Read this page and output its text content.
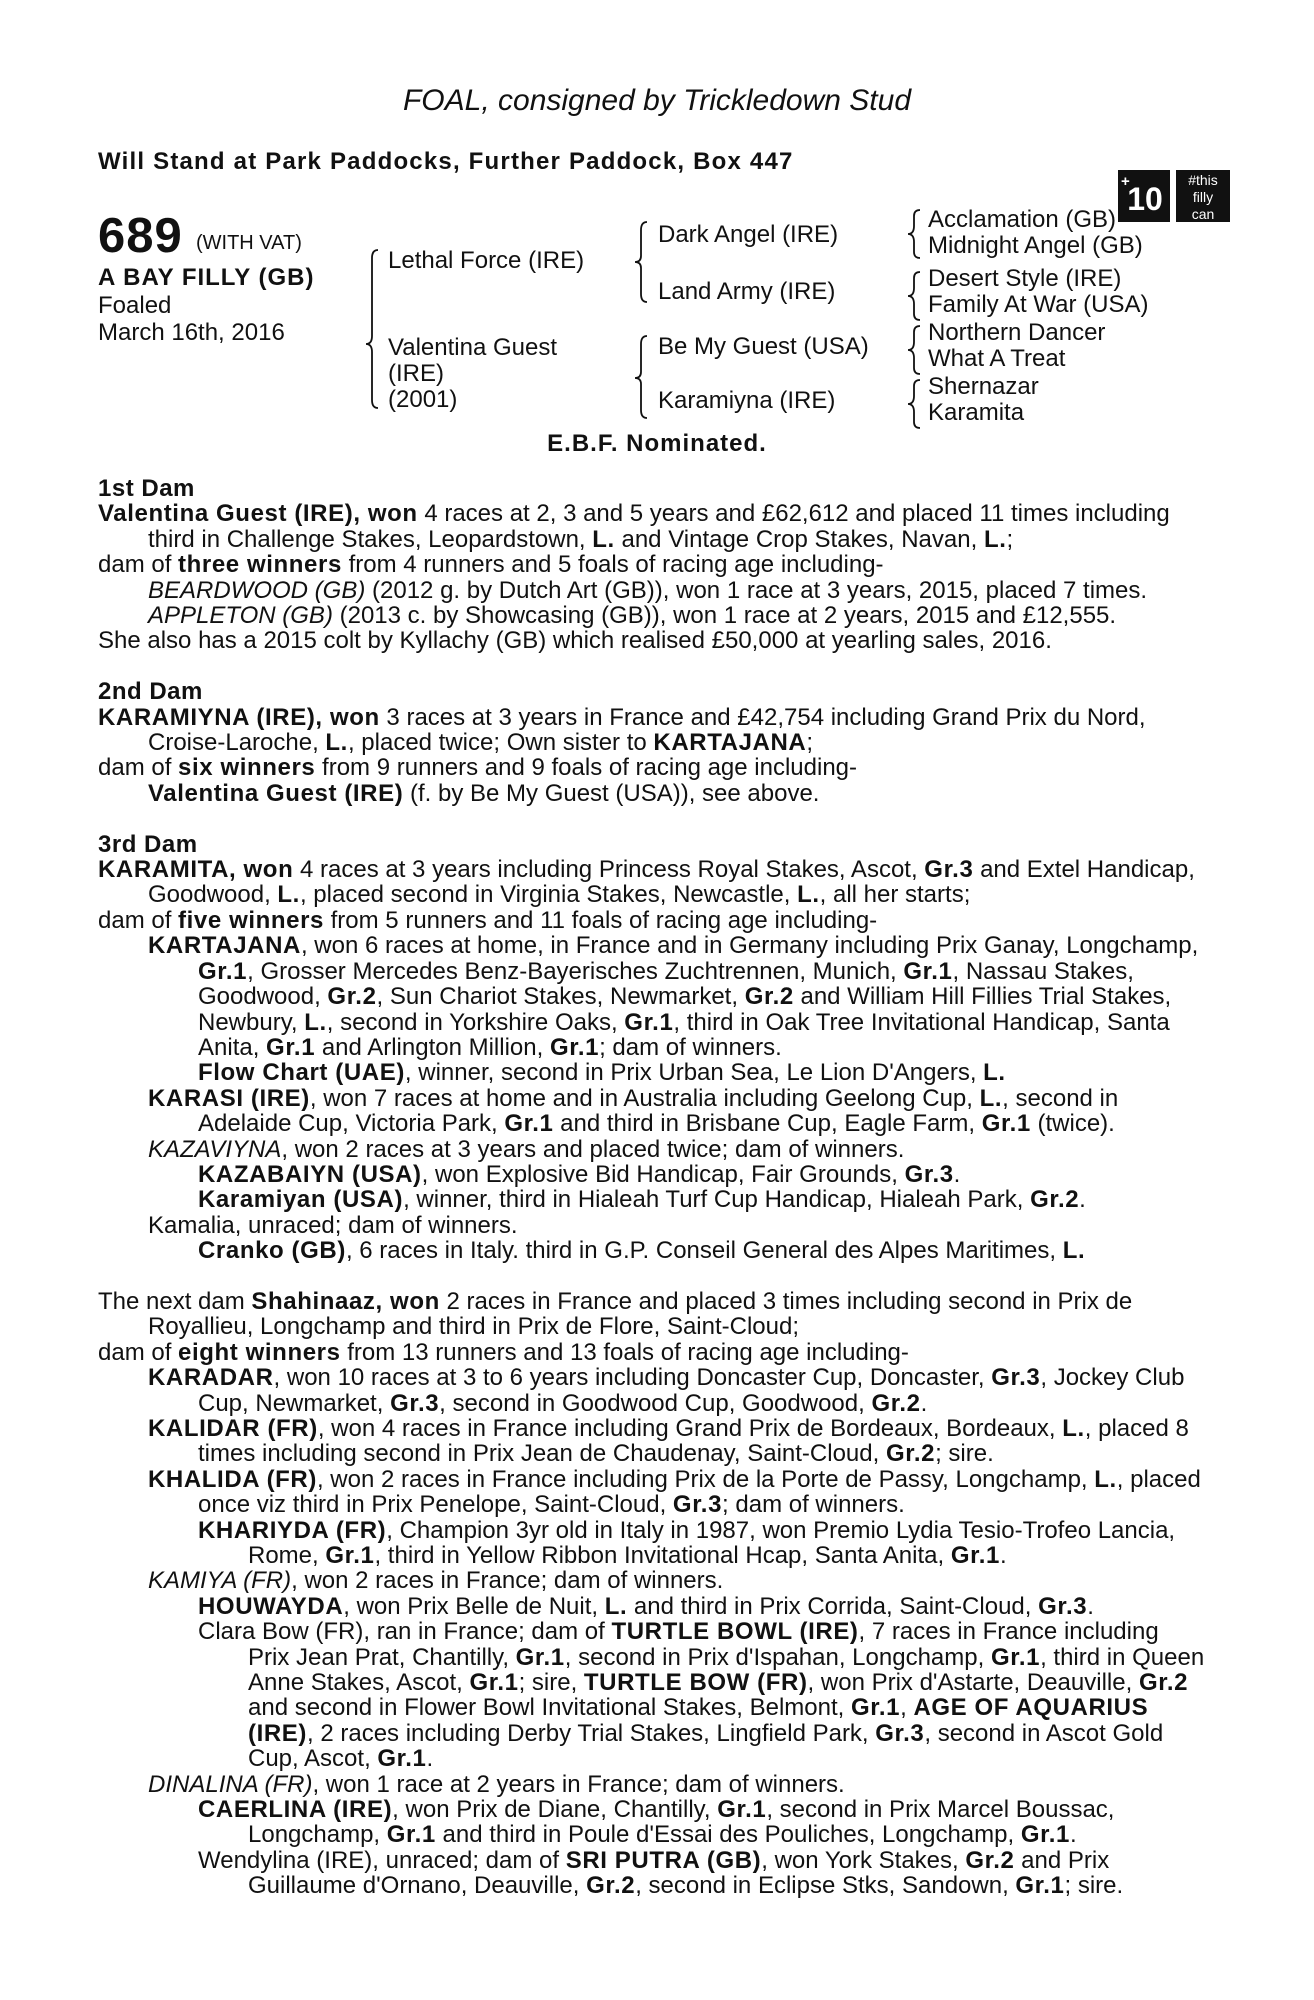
FOAL, consigned by Trickledown Stud
Will Stand at Park Paddocks, Further Paddock, Box 447
+
10
#this
filly
can
689 (WITH VAT)
A BAY FILLY (GB)
Foaled
March 16th, 2016
Lethal Force (IRE)
Valentina Guest
(IRE)
(2001)
Dark Angel (IRE)
Land Army (IRE)
Be My Guest (USA)
Karamiyna (IRE)
Acclamation (GB)
Midnight Angel (GB)
Desert Style (IRE)
Family At War (USA)
Northern Dancer
What A Treat
Shernazar
Karamita
E.B.F. Nominated.
1st Dam
Valentina Guest (IRE), won 4 races at 2, 3 and 5 years and £62,612 and placed 11 times including third in Challenge Stakes, Leopardstown, L. and Vintage Crop Stakes, Navan, L.;
dam of three winners from 4 runners and 5 foals of racing age including-
BEARDWOOD (GB) (2012 g. by Dutch Art (GB)), won 1 race at 3 years, 2015, placed 7 times.
APPLETON (GB) (2013 c. by Showcasing (GB)), won 1 race at 2 years, 2015 and £12,555.
She also has a 2015 colt by Kyllachy (GB) which realised £50,000 at yearling sales, 2016.
2nd Dam
KARAMIYNA (IRE), won 3 races at 3 years in France and £42,754 including Grand Prix du Nord, Croise-Laroche, L., placed twice; Own sister to KARTAJANA;
dam of six winners from 9 runners and 9 foals of racing age including-
Valentina Guest (IRE) (f. by Be My Guest (USA)), see above.
3rd Dam
KARAMITA, won 4 races at 3 years including Princess Royal Stakes, Ascot, Gr.3 and Extel Handicap, Goodwood, L., placed second in Virginia Stakes, Newcastle, L., all her starts;
dam of five winners from 5 runners and 11 foals of racing age including-
KARTAJANA, won 6 races at home, in France and in Germany including Prix Ganay, Longchamp, Gr.1, Grosser Mercedes Benz-Bayerisches Zuchtrennen, Munich, Gr.1, Nassau Stakes, Goodwood, Gr.2, Sun Chariot Stakes, Newmarket, Gr.2 and William Hill Fillies Trial Stakes, Newbury, L., second in Yorkshire Oaks, Gr.1, third in Oak Tree Invitational Handicap, Santa Anita, Gr.1 and Arlington Million, Gr.1; dam of winners.
Flow Chart (UAE), winner, second in Prix Urban Sea, Le Lion D'Angers, L.
KARASI (IRE), won 7 races at home and in Australia including Geelong Cup, L., second in Adelaide Cup, Victoria Park, Gr.1 and third in Brisbane Cup, Eagle Farm, Gr.1 (twice).
KAZAVIYNA, won 2 races at 3 years and placed twice; dam of winners.
KAZABAIYN (USA), won Explosive Bid Handicap, Fair Grounds, Gr.3.
Karamiyan (USA), winner, third in Hialeah Turf Cup Handicap, Hialeah Park, Gr.2.
Kamalia, unraced; dam of winners.
Cranko (GB), 6 races in Italy. third in G.P. Conseil General des Alpes Maritimes, L.
The next dam Shahinaaz, won 2 races in France and placed 3 times including second in Prix de Royallieu, Longchamp and third in Prix de Flore, Saint-Cloud;
dam of eight winners from 13 runners and 13 foals of racing age including-
KARADAR, won 10 races at 3 to 6 years including Doncaster Cup, Doncaster, Gr.3, Jockey Club Cup, Newmarket, Gr.3, second in Goodwood Cup, Goodwood, Gr.2.
KALIDAR (FR), won 4 races in France including Grand Prix de Bordeaux, Bordeaux, L., placed 8 times including second in Prix Jean de Chaudenay, Saint-Cloud, Gr.2; sire.
KHALIDA (FR), won 2 races in France including Prix de la Porte de Passy, Longchamp, L., placed once viz third in Prix Penelope, Saint-Cloud, Gr.3; dam of winners.
KHARIYDA (FR), Champion 3yr old in Italy in 1987, won Premio Lydia Tesio-Trofeo Lancia, Rome, Gr.1, third in Yellow Ribbon Invitational Hcap, Santa Anita, Gr.1.
KAMIYA (FR), won 2 races in France; dam of winners.
HOUWAYDA, won Prix Belle de Nuit, L. and third in Prix Corrida, Saint-Cloud, Gr.3.
Clara Bow (FR), ran in France; dam of TURTLE BOWL (IRE), 7 races in France including Prix Jean Prat, Chantilly, Gr.1, second in Prix d'Ispahan, Longchamp, Gr.1, third in Queen Anne Stakes, Ascot, Gr.1; sire, TURTLE BOW (FR), won Prix d'Astarte, Deauville, Gr.2 and second in Flower Bowl Invitational Stakes, Belmont, Gr.1, AGE OF AQUARIUS (IRE), 2 races including Derby Trial Stakes, Lingfield Park, Gr.3, second in Ascot Gold Cup, Ascot, Gr.1.
DINALINA (FR), won 1 race at 2 years in France; dam of winners.
CAERLINA (IRE), won Prix de Diane, Chantilly, Gr.1, second in Prix Marcel Boussac, Longchamp, Gr.1 and third in Poule d'Essai des Pouliches, Longchamp, Gr.1.
Wendylina (IRE), unraced; dam of SRI PUTRA (GB), won York Stakes, Gr.2 and Prix Guillaume d'Ornano, Deauville, Gr.2, second in Eclipse Stks, Sandown, Gr.1; sire.
